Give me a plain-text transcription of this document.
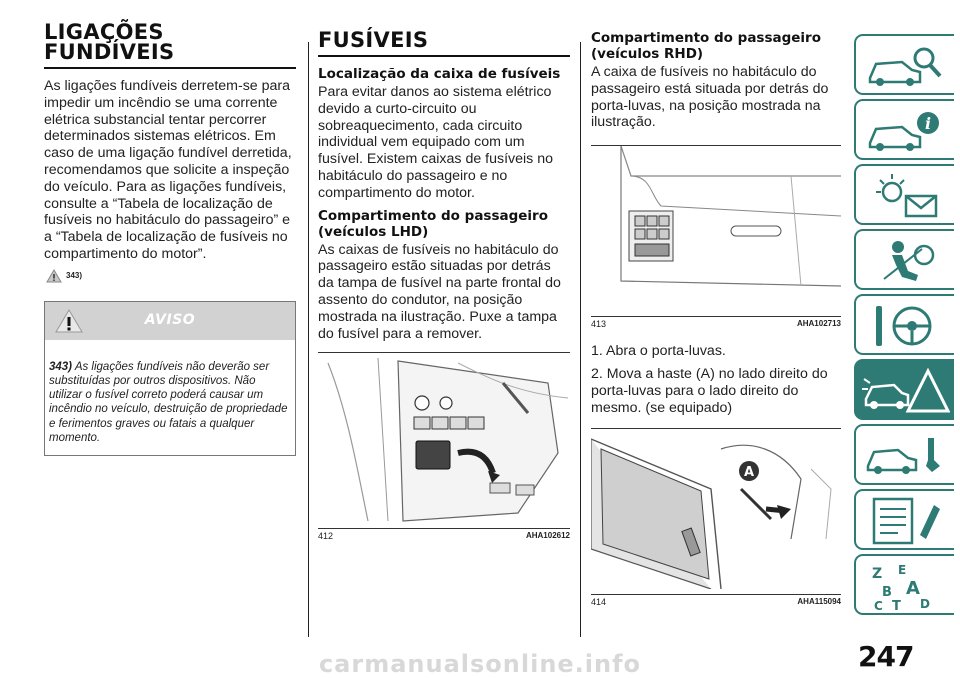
LIGAÇÕES
FUNDÍVEIS

As ligações fundíveis derretem-se para impedir um incêndio se uma corrente elétrica substancial tentar percorrer determinados sistemas elétricos. Em caso de uma ligação fundível derretida, recomendamos que solicite a inspeção do veículo. Para as ligações fundíveis, consulte a “Tabela de localização de fusíveis no habitáculo do passageiro” e a “Tabela de localização de fusíveis no compartimento do motor”.

343)
AVISO
343) As ligações fundíveis não deverão ser substituídas por outros dispositivos. Não utilizar o fusível correto poderá causar um incêndio no veículo, destruição de propriedade e ferimentos graves ou fatais a qualquer momento.
FUSÍVEIS
Localização da caixa de fusíveis

Para evitar danos ao sistema elétrico devido a curto-circuito ou sobreaquecimento, cada circuito individual vem equipado com um fusível. Existem caixas de fusíveis no habitáculo do passageiro e no compartimento do motor.

Compartimento do passageiro (veículos LHD)

As caixas de fusíveis no habitáculo do passageiro estão situadas por detrás da tampa de fusível na parte frontal do assento do condutor, na posição mostrada na ilustração. Puxe a tampa do fusível para a remover.

412	AHA102612
Compartimento do passageiro (veículos RHD)

A caixa de fusíveis no habitáculo do passageiro está situada por detrás do porta-luvas, na posição mostrada na ilustração.

413	AHA102713

1. Abra o porta-luvas.

2. Mova a haste (A) no lado direito do porta-luvas para o lado direito do mesmo. (se equipado)

A
414	AHA115094
i
Z E
B A
C T D
247
carmanualsonline.info
